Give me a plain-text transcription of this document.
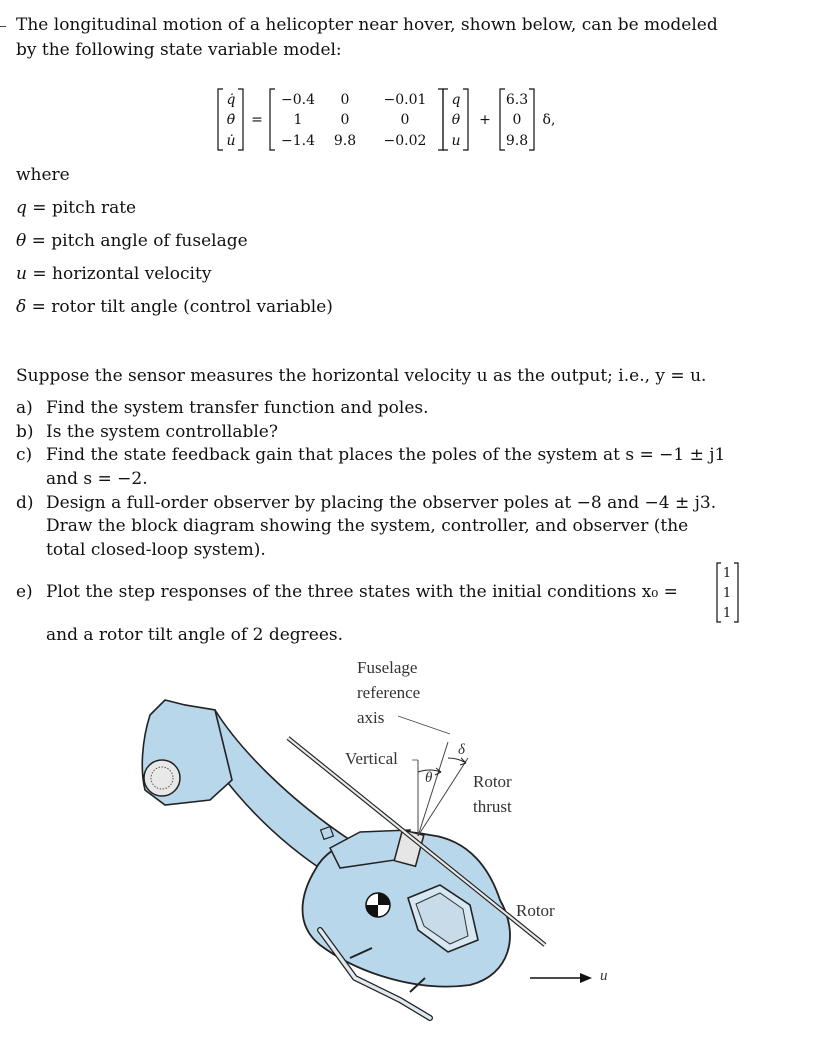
The longitudinal motion of a helicopter near hover, shown below, can be modeled
by the following state variable model:
q̇
θ̇
u̇
=
−0.4 0 −0.01
1	0	0
−1.4 9.8 −0.02
q
θ
u
+
6.3
0
9.8
δ,
where
q = pitch rate
θ = pitch angle of fuselage
u = horizontal velocity
δ = rotor tilt angle (control variable)
Suppose the sensor measures the horizontal velocity u as the output; i.e., y = u.
a) Find the system transfer function and poles.
b) Is the system controllable?
c) Find the state feedback gain that places the poles of the system at s = −1 ± j1
and s = −2.
d) Design a full-order observer by placing the observer poles at −8 and −4 ± j3.
Draw the block diagram showing the system, controller, and observer (the
total closed-loop system).
e) Plot the step responses of the three states with the initial conditions x₀ =
and a rotor tilt angle of 2 degrees.
1
1
1
Fuselage
reference
axis
Vertical
θ
δ
Rotor
thrust
Rotor
u
